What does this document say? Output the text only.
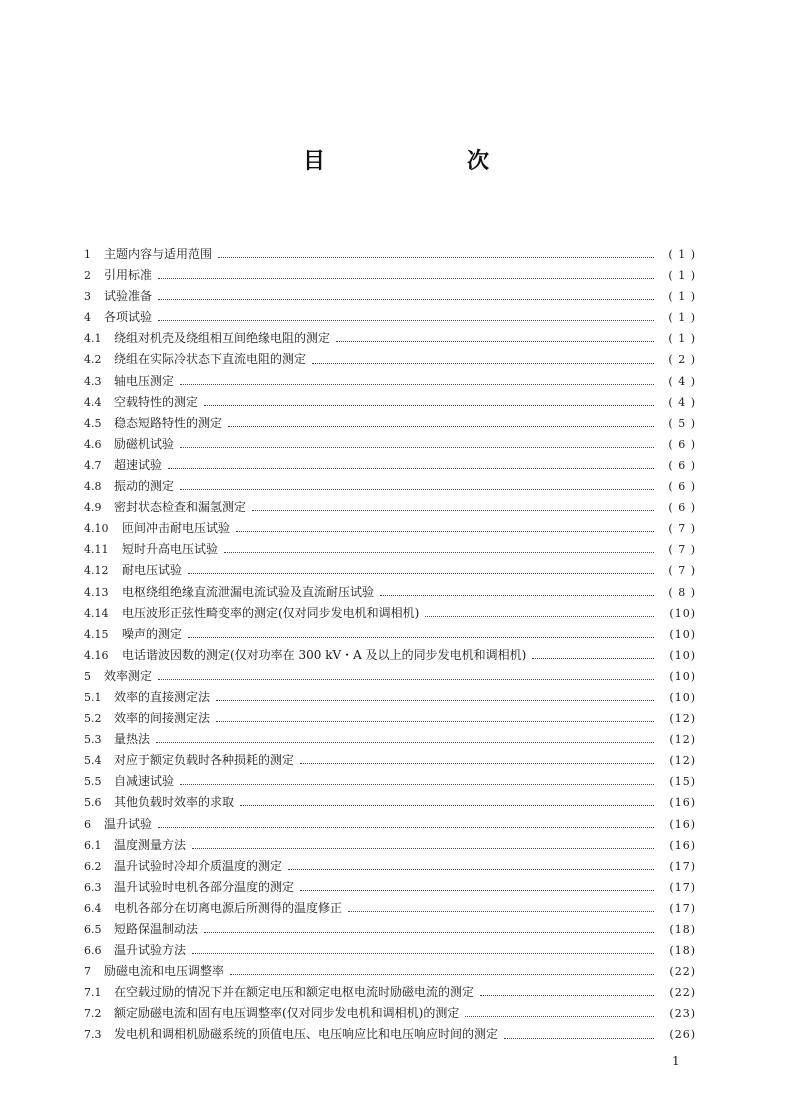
目　次
1	主题内容与适用范围	( 1 )
2	引用标准	( 1 )
3	试验准备	( 1 )
4	各项试验	( 1 )
4.1	绕组对机壳及绕组相互间绝缘电阻的测定	( 1 )
4.2	绕组在实际冷状态下直流电阻的测定	( 2 )
4.3	轴电压测定	( 4 )
4.4	空载特性的测定	( 4 )
4.5	稳态短路特性的测定	( 5 )
4.6	励磁机试验	( 6 )
4.7	超速试验	( 6 )
4.8	振动的测定	( 6 )
4.9	密封状态检查和漏氢测定	( 6 )
4.10	匝间冲击耐电压试验	( 7 )
4.11	短时升高电压试验	( 7 )
4.12	耐电压试验	( 7 )
4.13	电枢绕组绝缘直流泄漏电流试验及直流耐压试验	( 8 )
4.14	电压波形正弦性畸变率的测定(仅对同步发电机和调相机)	(10)
4.15	噪声的测定	(10)
4.16	电话谐波因数的测定(仅对功率在 300 kV・A 及以上的同步发电机和调相机)	(10)
5	效率测定	(10)
5.1	效率的直接测定法	(10)
5.2	效率的间接测定法	(12)
5.3	量热法	(12)
5.4	对应于额定负载时各种损耗的测定	(12)
5.5	自减速试验	(15)
5.6	其他负载时效率的求取	(16)
6	温升试验	(16)
6.1	温度测量方法	(16)
6.2	温升试验时冷却介质温度的测定	(17)
6.3	温升试验时电机各部分温度的测定	(17)
6.4	电机各部分在切离电源后所测得的温度修正	(17)
6.5	短路保温制动法	(18)
6.6	温升试验方法	(18)
7	励磁电流和电压调整率	(22)
7.1	在空载过励的情况下并在额定电压和额定电枢电流时励磁电流的测定	(22)
7.2	额定励磁电流和固有电压调整率(仅对同步发电机和调相机)的测定	(23)
7.3	发电机和调相机励磁系统的顶值电压、电压响应比和电压响应时间的测定	(26)
1
